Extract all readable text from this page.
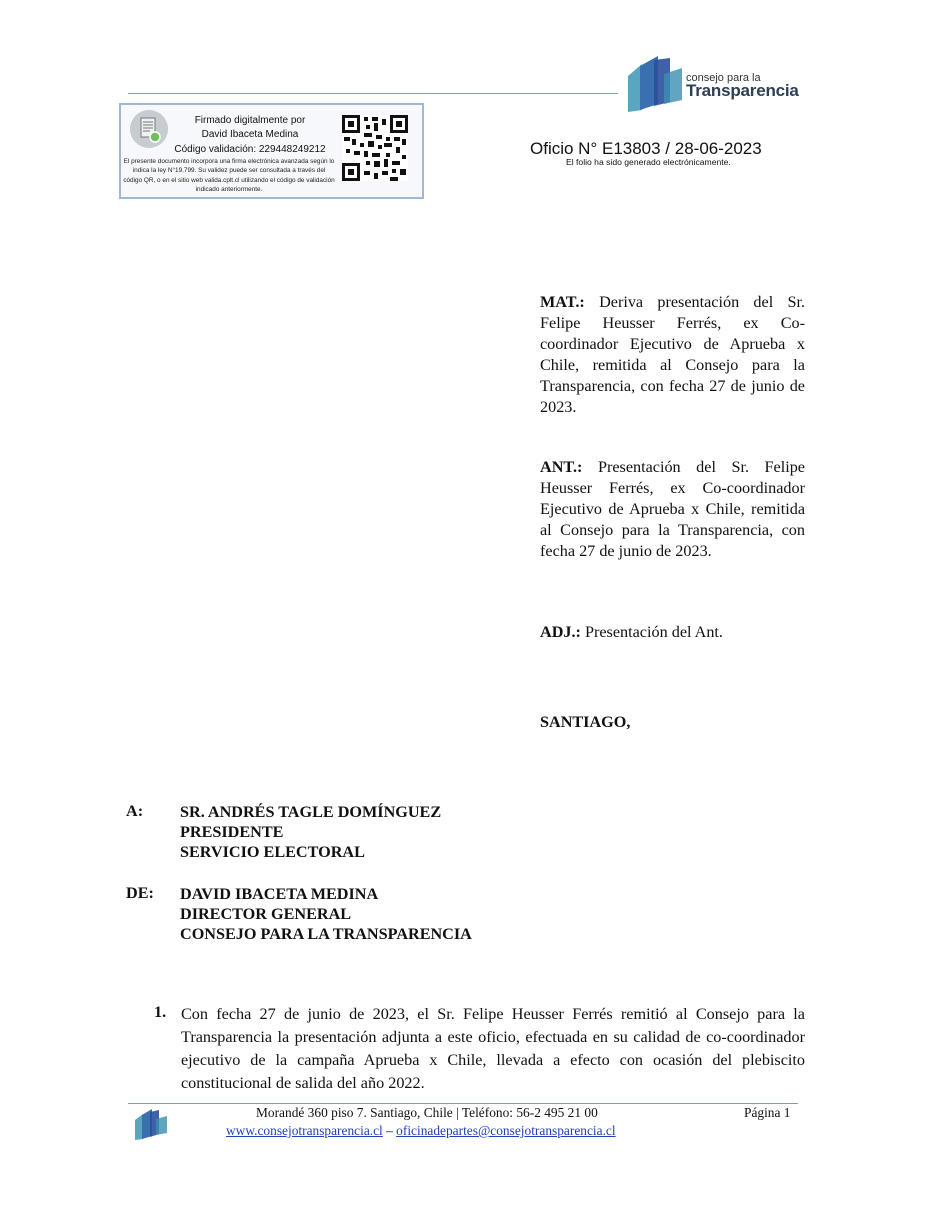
consejo para la
Transparencia
Firmado digitalmente por
David Ibaceta Medina
Código validación: 229448249212
El presente documento incorpora una firma electrónica avanzada según lo indica la ley N°19.799. Su validez puede ser consultada a través del código QR, o en el sitio web valida.cplt.cl utilizando el código de validación indicado anteriormente.
Oficio N° E13803 / 28-06-2023
El folio ha sido generado electrónicamente.
MAT.: Deriva presentación del Sr. Felipe Heusser Ferrés, ex Co-coordinador Ejecutivo de Aprueba x Chile, remitida al Consejo para la Transparencia, con fecha 27 de junio de 2023.
ANT.: Presentación del Sr. Felipe Heusser Ferrés, ex Co-coordinador Ejecutivo de Aprueba x Chile, remitida al Consejo para la Transparencia, con fecha 27 de junio de 2023.
ADJ.: Presentación del Ant.
SANTIAGO,
A: SR. ANDRÉS TAGLE DOMÍNGUEZ
PRESIDENTE
SERVICIO ELECTORAL
DE: DAVID IBACETA MEDINA
DIRECTOR GENERAL
CONSEJO PARA LA TRANSPARENCIA
1. Con fecha 27 de junio de 2023, el Sr. Felipe Heusser Ferrés remitió al Consejo para la Transparencia la presentación adjunta a este oficio, efectuada en su calidad de co-coordinador ejecutivo de la campaña Aprueba x Chile, llevada a efecto con ocasión del plebiscito constitucional de salida del año 2022.
Morandé 360 piso 7. Santiago, Chile | Teléfono: 56-2 495 21 00
www.consejotransparencia.cl – oficinadepartes@consejotransparencia.cl
Página 1
